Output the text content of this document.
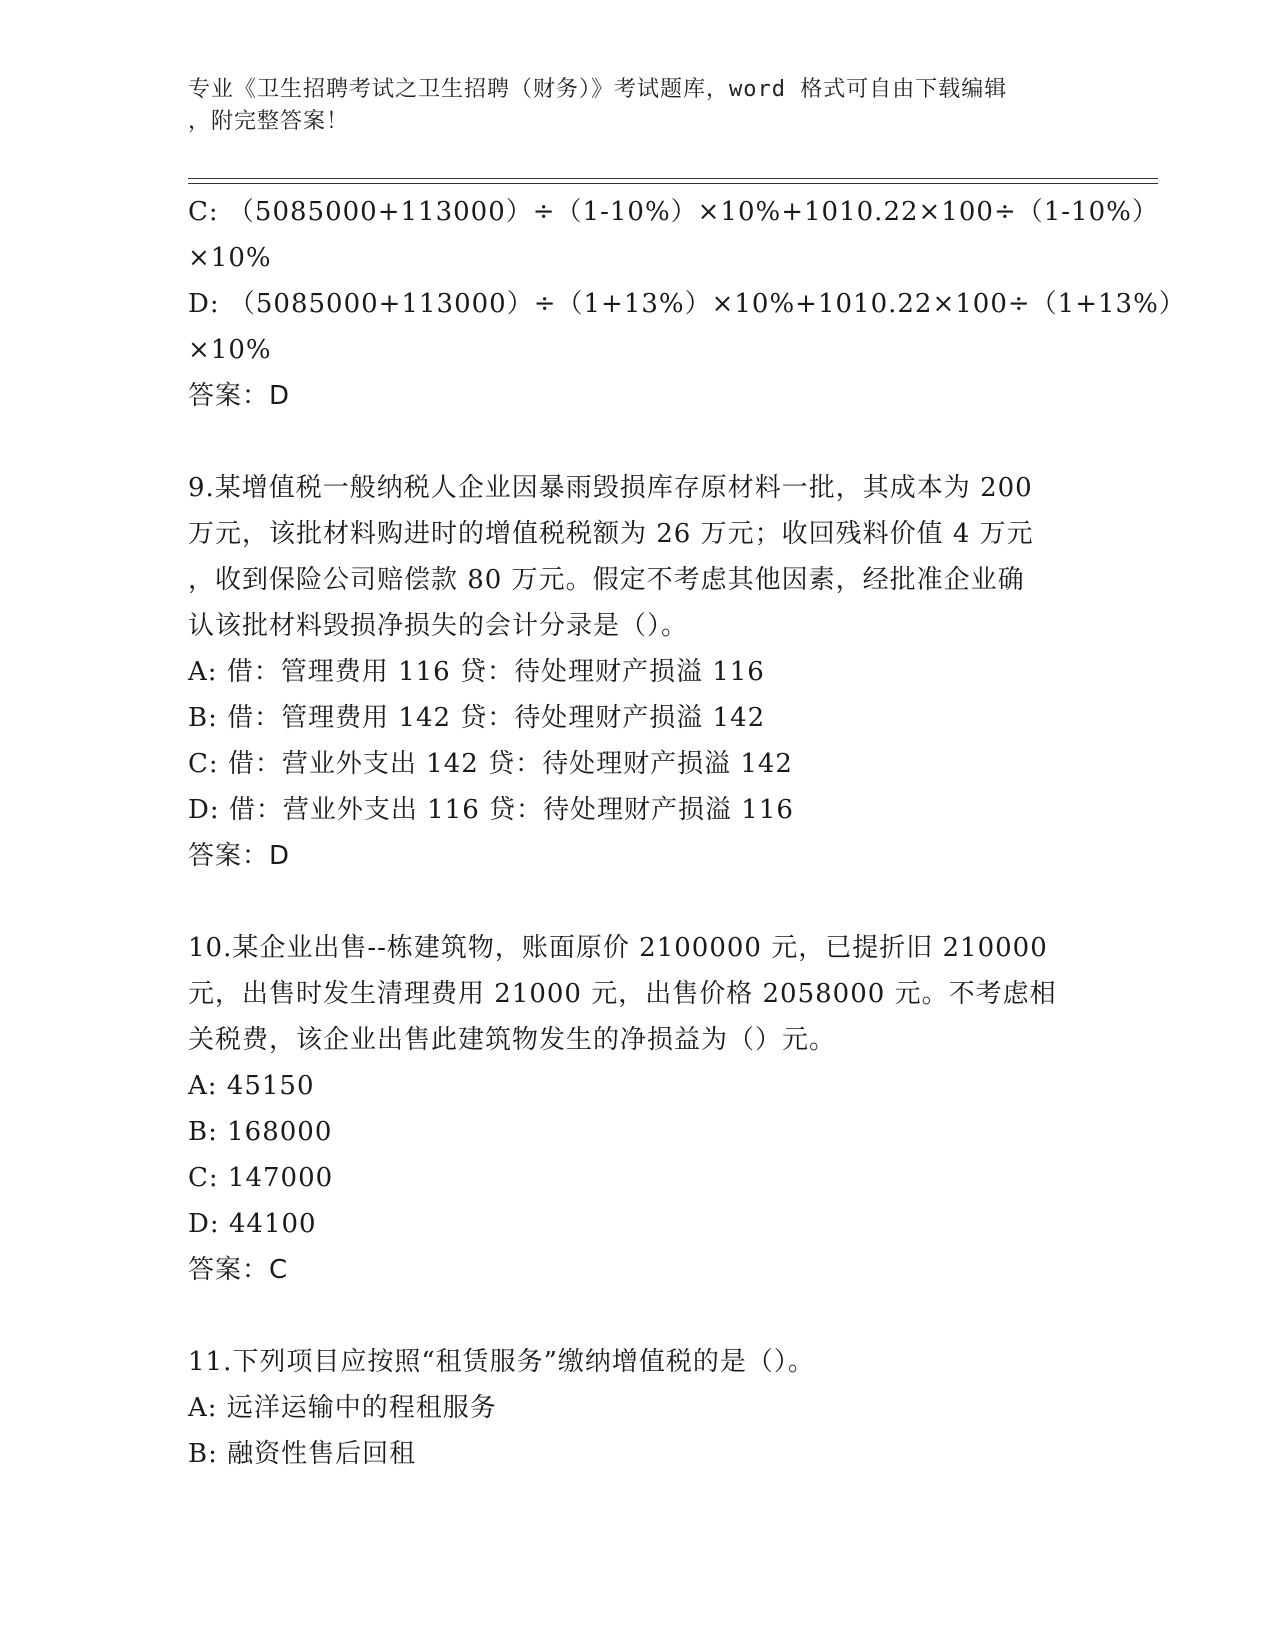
专业《卫生招聘考试之卫生招聘（财务）》考试题库，word 格式可自由下载编辑
，附完整答案！
C: （5085000+113000）÷（1-10%）×10%+1010.22×100÷（1-10%）
×10%
D: （5085000+113000）÷（1+13%）×10%+1010.22×100÷（1+13%）
×10%
答案：D
9.某增值税一般纳税人企业因暴雨毁损库存原材料一批，其成本为 200
万元，该批材料购进时的增值税税额为 26 万元；收回残料价值 4 万元
，收到保险公司赔偿款 80 万元。假定不考虑其他因素，经批准企业确
认该批材料毁损净损失的会计分录是（）。
A: 借：管理费用 116 贷：待处理财产损溢 116
B: 借：管理费用 142 贷：待处理财产损溢 142
C: 借：营业外支出 142 贷：待处理财产损溢 142
D: 借：营业外支出 116 贷：待处理财产损溢 116
答案：D
10.某企业出售--栋建筑物，账面原价 2100000 元，已提折旧 210000
元，出售时发生清理费用 21000 元，出售价格 2058000 元。不考虑相
关税费，该企业出售此建筑物发生的净损益为（）元。
A: 45150
B: 168000
C: 147000
D: 44100
答案：C
11.下列项目应按照“租赁服务”缴纳增值税的是（）。
A: 远洋运输中的程租服务
B: 融资性售后回租
